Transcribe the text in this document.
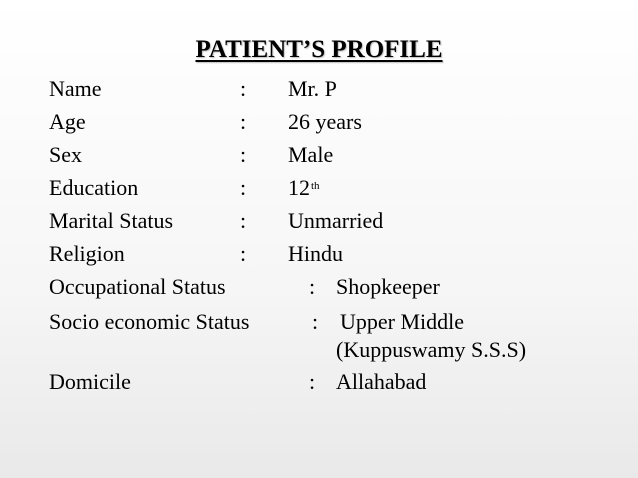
PATIENT’S PROFILE
Name	: Mr. P
Age	: 26 years
Sex	: Male
Education	: 12th
Marital Status	: Unmarried
Religion	: Hindu
Occupational Status	: Shopkeeper
Socio economic Status	: Upper Middle
(Kuppuswamy S.S.S)
Domicile	: Allahabad
